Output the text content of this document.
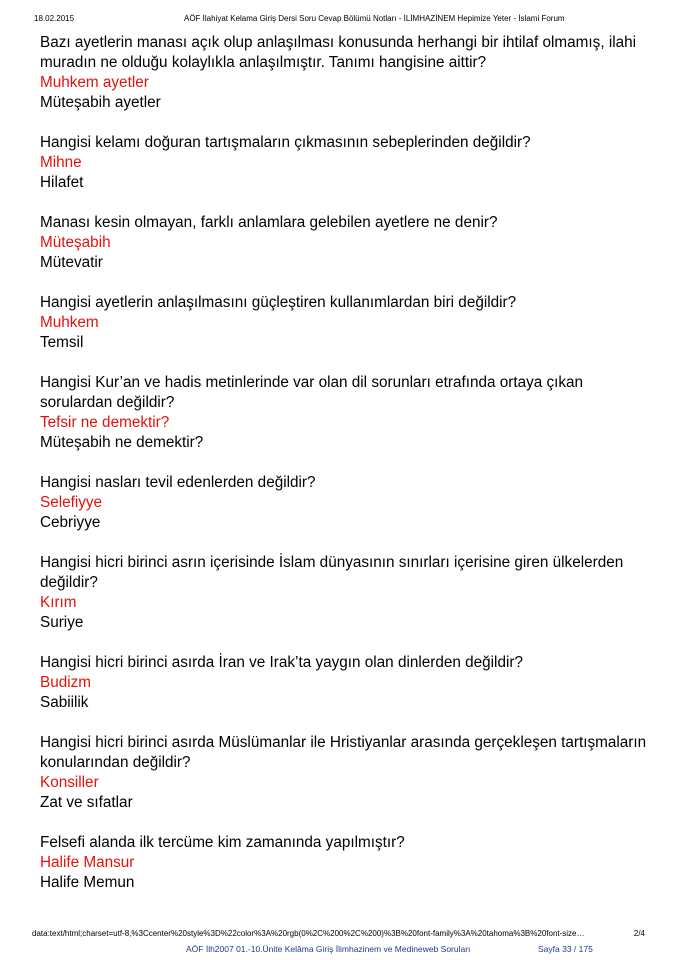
18.02.2015	AÖF İlahiyat Kelama Giriş Dersi Soru Cevap Bölümü Notları - İLİMHAZİNEM Hepimize Yeter - İslami Forum
Bazı ayetlerin manası açık olup anlaşılması konusunda herhangi bir ihtilaf olmamış, ilahi muradın ne olduğu kolaylıkla anlaşılmıştır. Tanımı hangisine aittir?
Muhkem ayetler
Müteşabih ayetler
Hangisi kelamı doğuran tartışmaların çıkmasının sebeplerinden değildir?
Mihne
Hilafet
Manası kesin olmayan, farklı anlamlara gelebilen ayetlere ne denir?
Müteşabih
Mütevatir
Hangisi ayetlerin anlaşılmasını güçleştiren kullanımlardan biri değildir?
Muhkem
Temsil
Hangisi Kur’an ve hadis metinlerinde var olan dil sorunları etrafında ortaya çıkan sorulardan değildir?
Tefsir ne demektir?
Müteşabih ne demektir?
Hangisi nasları tevil edenlerden değildir?
Selefiyye
Cebriyye
Hangisi hicri birinci asrın içerisinde İslam dünyasının sınırları içerisine giren ülkelerden değildir?
Kırım
Suriye
Hangisi hicri birinci asırda İran ve Irak’ta yaygın olan dinlerden değildir?
Budizm
Sabiilik
Hangisi hicri birinci asırda Müslümanlar ile Hristiyanlar arasında gerçekleşen tartışmaların konularından değildir?
Konsiller
Zat ve sıfatlar
Felsefi alanda ilk tercüme kim zamanında yapılmıştır?
Halife Mansur
Halife Memun
data:text/html;charset=utf-8,%3Ccenter%20style%3D%22color%3A%20rgb(0%2C%200%2C%200)%3B%20font-family%3A%20tahoma%3B%20font-size…	2/4
AÖF İlh2007 01.-10.Ünite Kelâma Giriş İlimhazinem ve Medineweb Soruları	Sayfa 33 / 175
